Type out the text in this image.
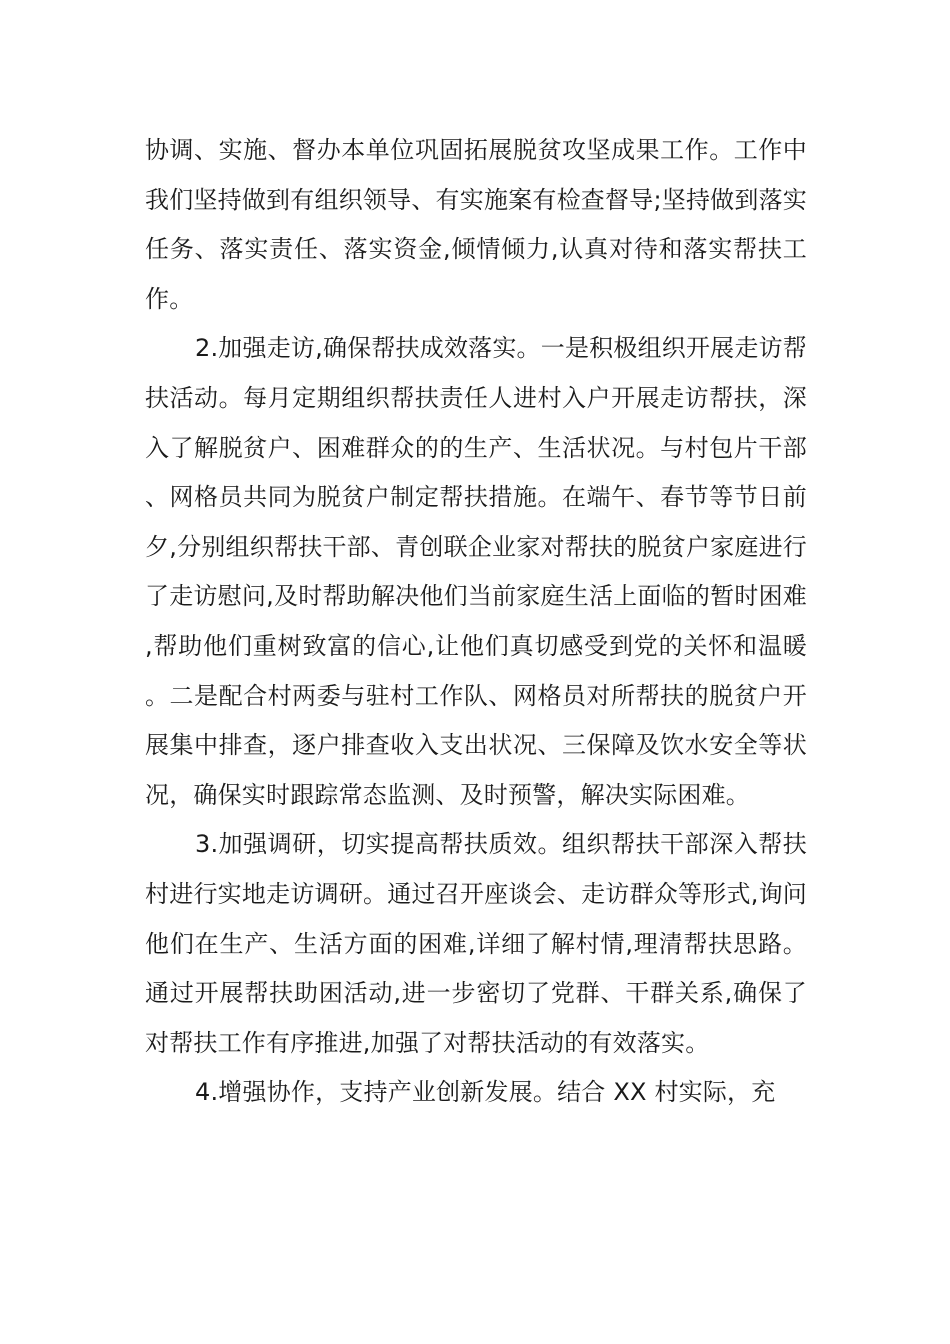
协调、实施、督办本单位巩固拓展脱贫攻坚成果工作。工作中我们坚持做到有组织领导、有实施案有检查督导;坚持做到落实任务、落实责任、落实资金,倾情倾力,认真对待和落实帮扶工作。

2.加强走访,确保帮扶成效落实。一是积极组织开展走访帮扶活动。每月定期组织帮扶责任人进村入户开展走访帮扶，深入了解脱贫户、困难群众的的生产、生活状况。与村包片干部、网格员共同为脱贫户制定帮扶措施。在端午、春节等节日前夕,分别组织帮扶干部、青创联企业家对帮扶的脱贫户家庭进行了走访慰问,及时帮助解决他们当前家庭生活上面临的暂时困难,帮助他们重树致富的信心,让他们真切感受到党的关怀和温暖。二是配合村两委与驻村工作队、网格员对所帮扶的脱贫户开展集中排查，逐户排查收入支出状况、三保障及饮水安全等状况，确保实时跟踪常态监测、及时预警，解决实际困难。

3.加强调研，切实提高帮扶质效。组织帮扶干部深入帮扶村进行实地走访调研。通过召开座谈会、走访群众等形式,询问他们在生产、生活方面的困难,详细了解村情,理清帮扶思路。通过开展帮扶助困活动,进一步密切了党群、干群关系,确保了对帮扶工作有序推进,加强了对帮扶活动的有效落实。

4.增强协作，支持产业创新发展。结合 XX 村实际，充
